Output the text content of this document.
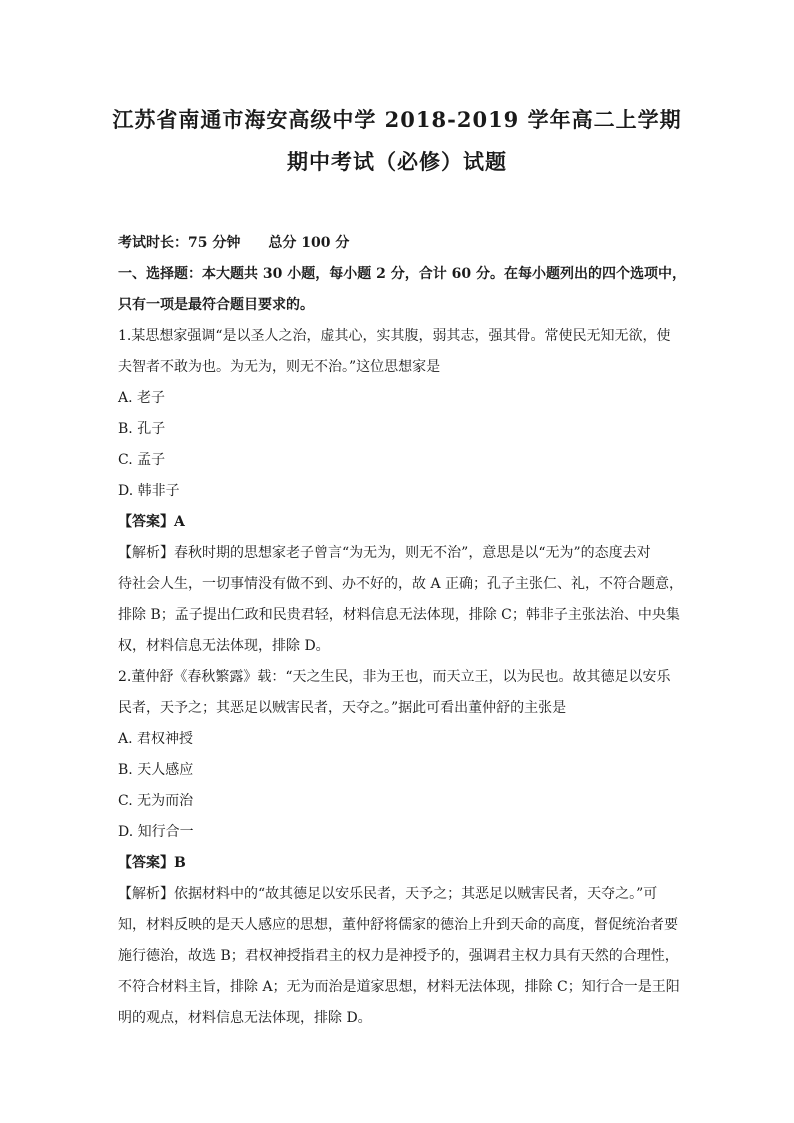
江苏省南通市海安高级中学 2018-2019 学年高二上学期
期中考试（必修）试题
考试时长：75 分钟　　总分 100 分
一、选择题：本大题共 30 小题，每小题 2 分，合计 60 分。在每小题列出的四个选项中，
只有一项是最符合题目要求的。
1.某思想家强调“是以圣人之治，虚其心，实其腹，弱其志，强其骨。常使民无知无欲，使
夫智者不敢为也。为无为，则无不治。”这位思想家是
A. 老子
B. 孔子
C. 孟子
D. 韩非子
【答案】A
【解析】春秋时期的思想家老子曾言“为无为，则无不治”，意思是以“无为”的态度去对
待社会人生，一切事情没有做不到、办不好的，故 A 正确；孔子主张仁、礼，不符合题意，
排除 B；孟子提出仁政和民贵君轻，材料信息无法体现，排除 C；韩非子主张法治、中央集
权，材料信息无法体现，排除 D。
2.董仲舒《春秋繁露》载：“天之生民，非为王也，而天立王，以为民也。故其德足以安乐
民者，天予之；其恶足以贼害民者，天夺之。”据此可看出董仲舒的主张是
A. 君权神授
B. 天人感应
C. 无为而治
D. 知行合一
【答案】B
【解析】依据材料中的“故其德足以安乐民者，天予之；其恶足以贼害民者，天夺之。”可
知，材料反映的是天人感应的思想，董仲舒将儒家的德治上升到天命的高度，督促统治者要
施行德治，故选 B；君权神授指君主的权力是神授予的，强调君主权力具有天然的合理性，
不符合材料主旨，排除 A；无为而治是道家思想，材料无法体现，排除 C；知行合一是王阳
明的观点，材料信息无法体现，排除 D。
